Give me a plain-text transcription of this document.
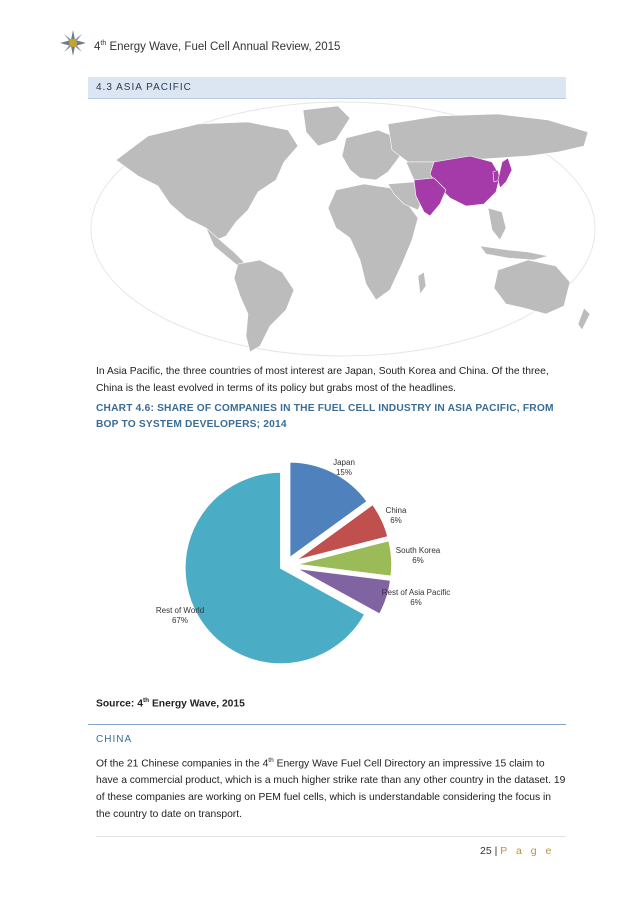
4th Energy Wave, Fuel Cell Annual Review, 2015
4.3 ASIA PACIFIC
In Asia Pacific, the three countries of most interest are Japan, South Korea and China. Of the three, China is the least evolved in terms of its policy but grabs most of the headlines.
CHART 4.6: SHARE OF COMPANIES IN THE FUEL CELL INDUSTRY IN ASIA PACIFIC, FROM BOP TO SYSTEM DEVELOPERS; 2014
Japan
15%
China
6%
South Korea
6%
Rest of Asia Pacific
6%
Rest of World
67%
Source: 4th Energy Wave, 2015
CHINA
Of the 21 Chinese companies in the 4th Energy Wave Fuel Cell Directory an impressive 15 claim to have a commercial product, which is a much higher strike rate than any other country in the dataset. 19 of these companies are working on PEM fuel cells, which is understandable considering the focus in the country to date on transport.
25 | P a g e
